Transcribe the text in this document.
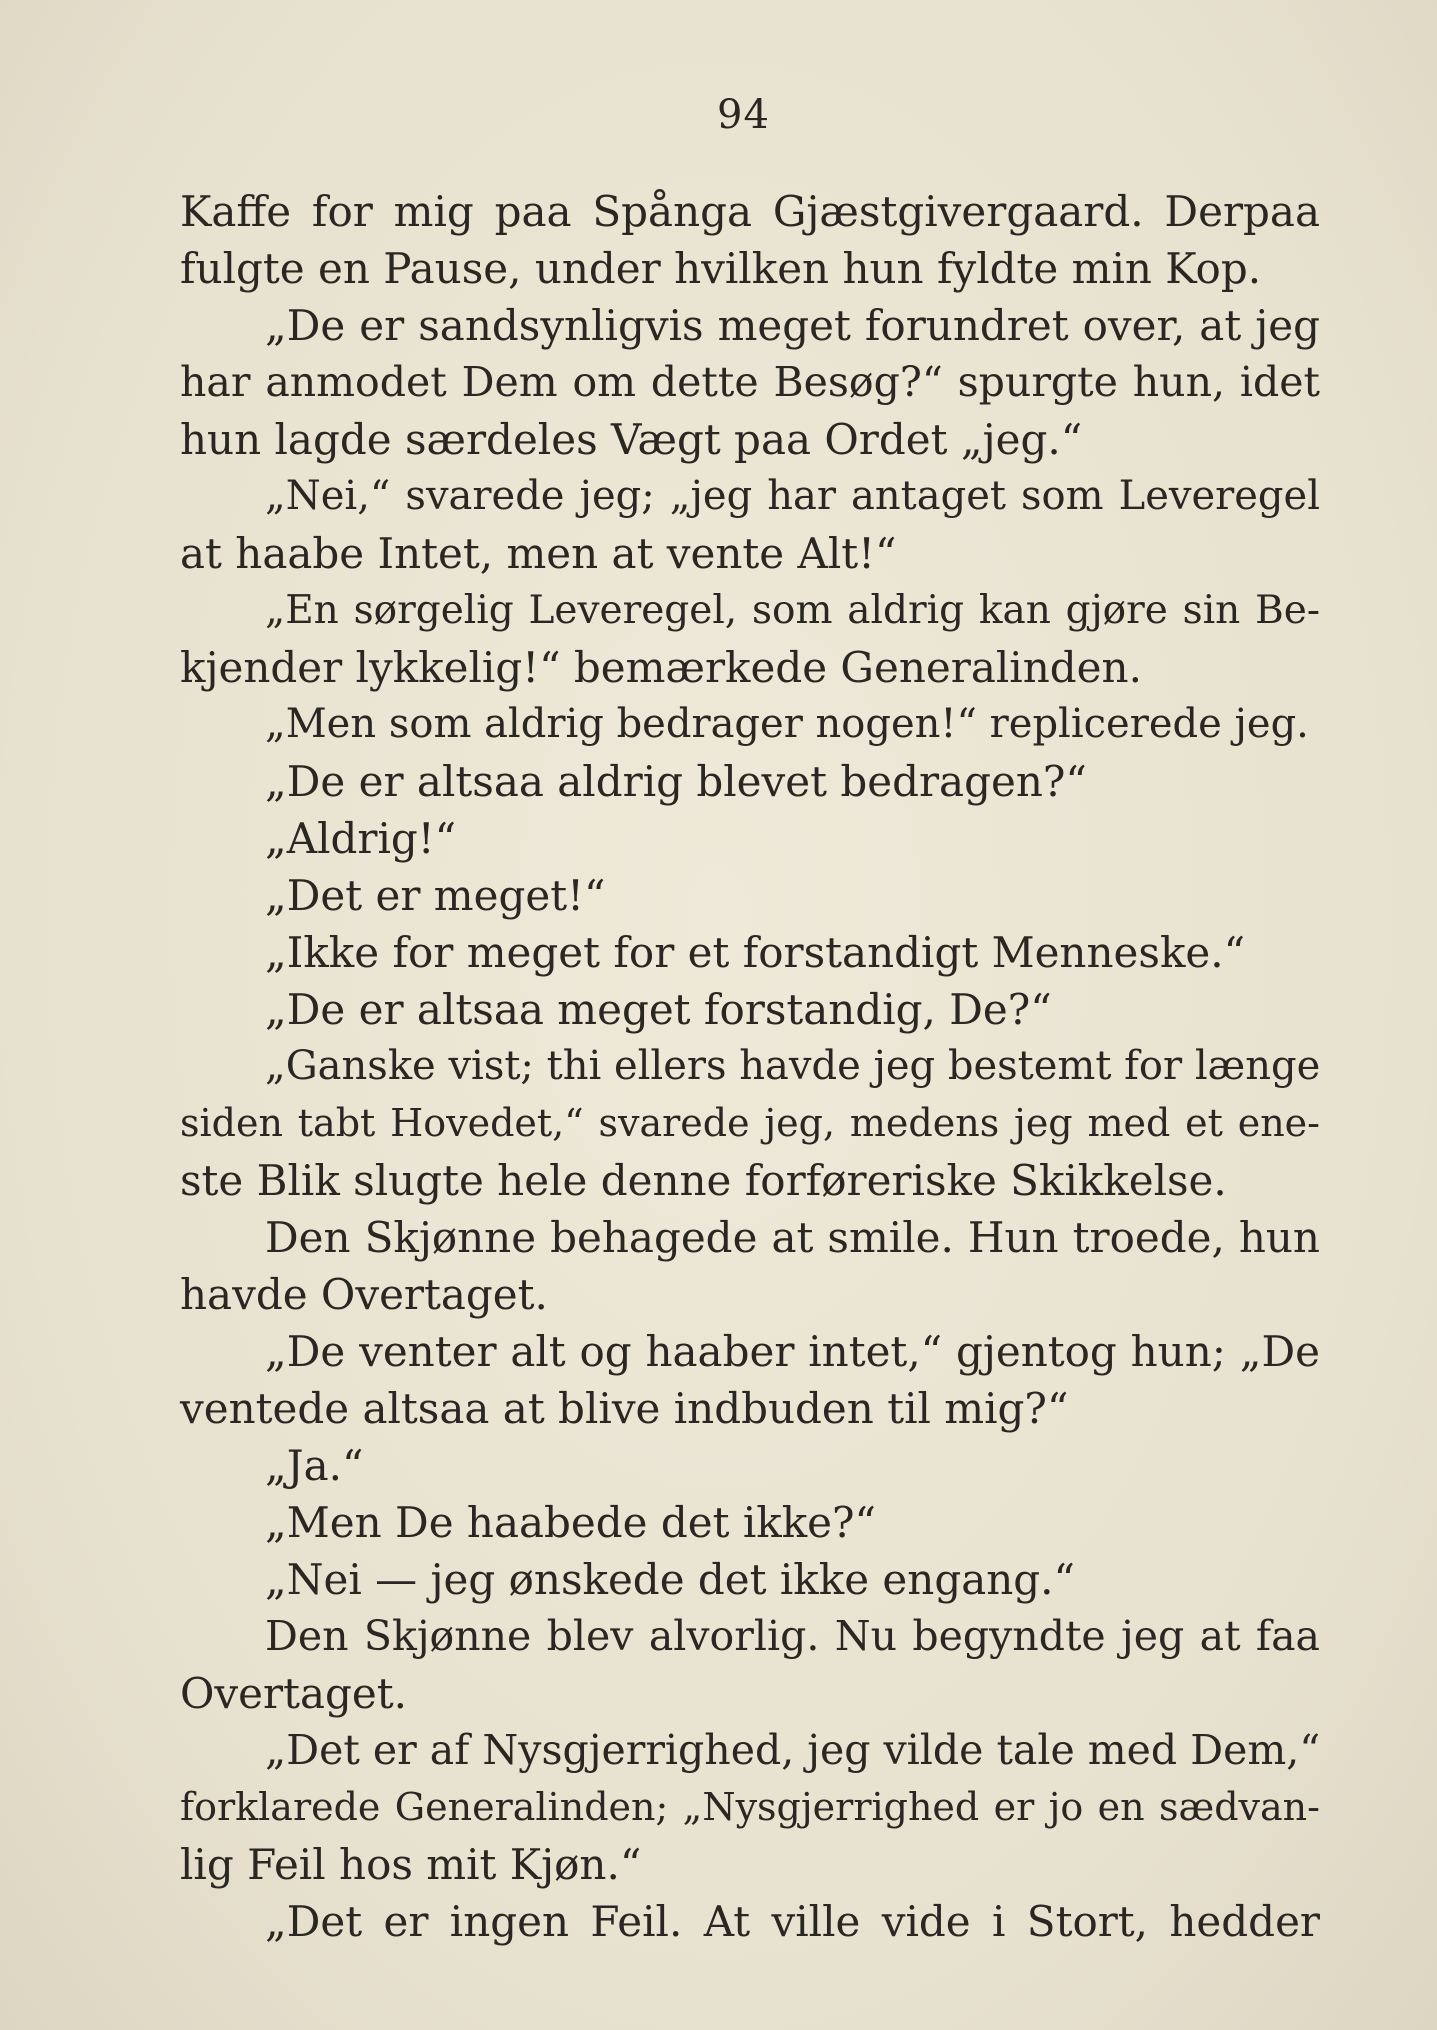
94
Kaffe for mig paa Spånga Gjæstgivergaard. Derpaa
fulgte en Pause, under hvilken hun fyldte min Kop.
„De er sandsynligvis meget forundret over, at jeg
har anmodet Dem om dette Besøg?“ spurgte hun, idet
hun lagde særdeles Vægt paa Ordet „jeg.“
„Nei,“ svarede jeg; „jeg har antaget som Leveregel
at haabe Intet, men at vente Alt!“
„En sørgelig Leveregel, som aldrig kan gjøre sin Be-
kjender lykkelig!“ bemærkede Generalinden.
„Men som aldrig bedrager nogen!“ replicerede jeg.
„De er altsaa aldrig blevet bedragen?“
„Aldrig!“
„Det er meget!“
„Ikke for meget for et forstandigt Menneske.“
„De er altsaa meget forstandig, De?“
„Ganske vist; thi ellers havde jeg bestemt for længe
siden tabt Hovedet,“ svarede jeg, medens jeg med et ene-
ste Blik slugte hele denne forføreriske Skikkelse.
Den Skjønne behagede at smile. Hun troede, hun
havde Overtaget.
„De venter alt og haaber intet,“ gjentog hun; „De
ventede altsaa at blive indbuden til mig?“
„Ja.“
„Men De haabede det ikke?“
„Nei — jeg ønskede det ikke engang.“
Den Skjønne blev alvorlig. Nu begyndte jeg at faa
Overtaget.
„Det er af Nysgjerrighed, jeg vilde tale med Dem,“
forklarede Generalinden; „Nysgjerrighed er jo en sædvan-
lig Feil hos mit Kjøn.“
„Det er ingen Feil. At ville vide i Stort, hedder
